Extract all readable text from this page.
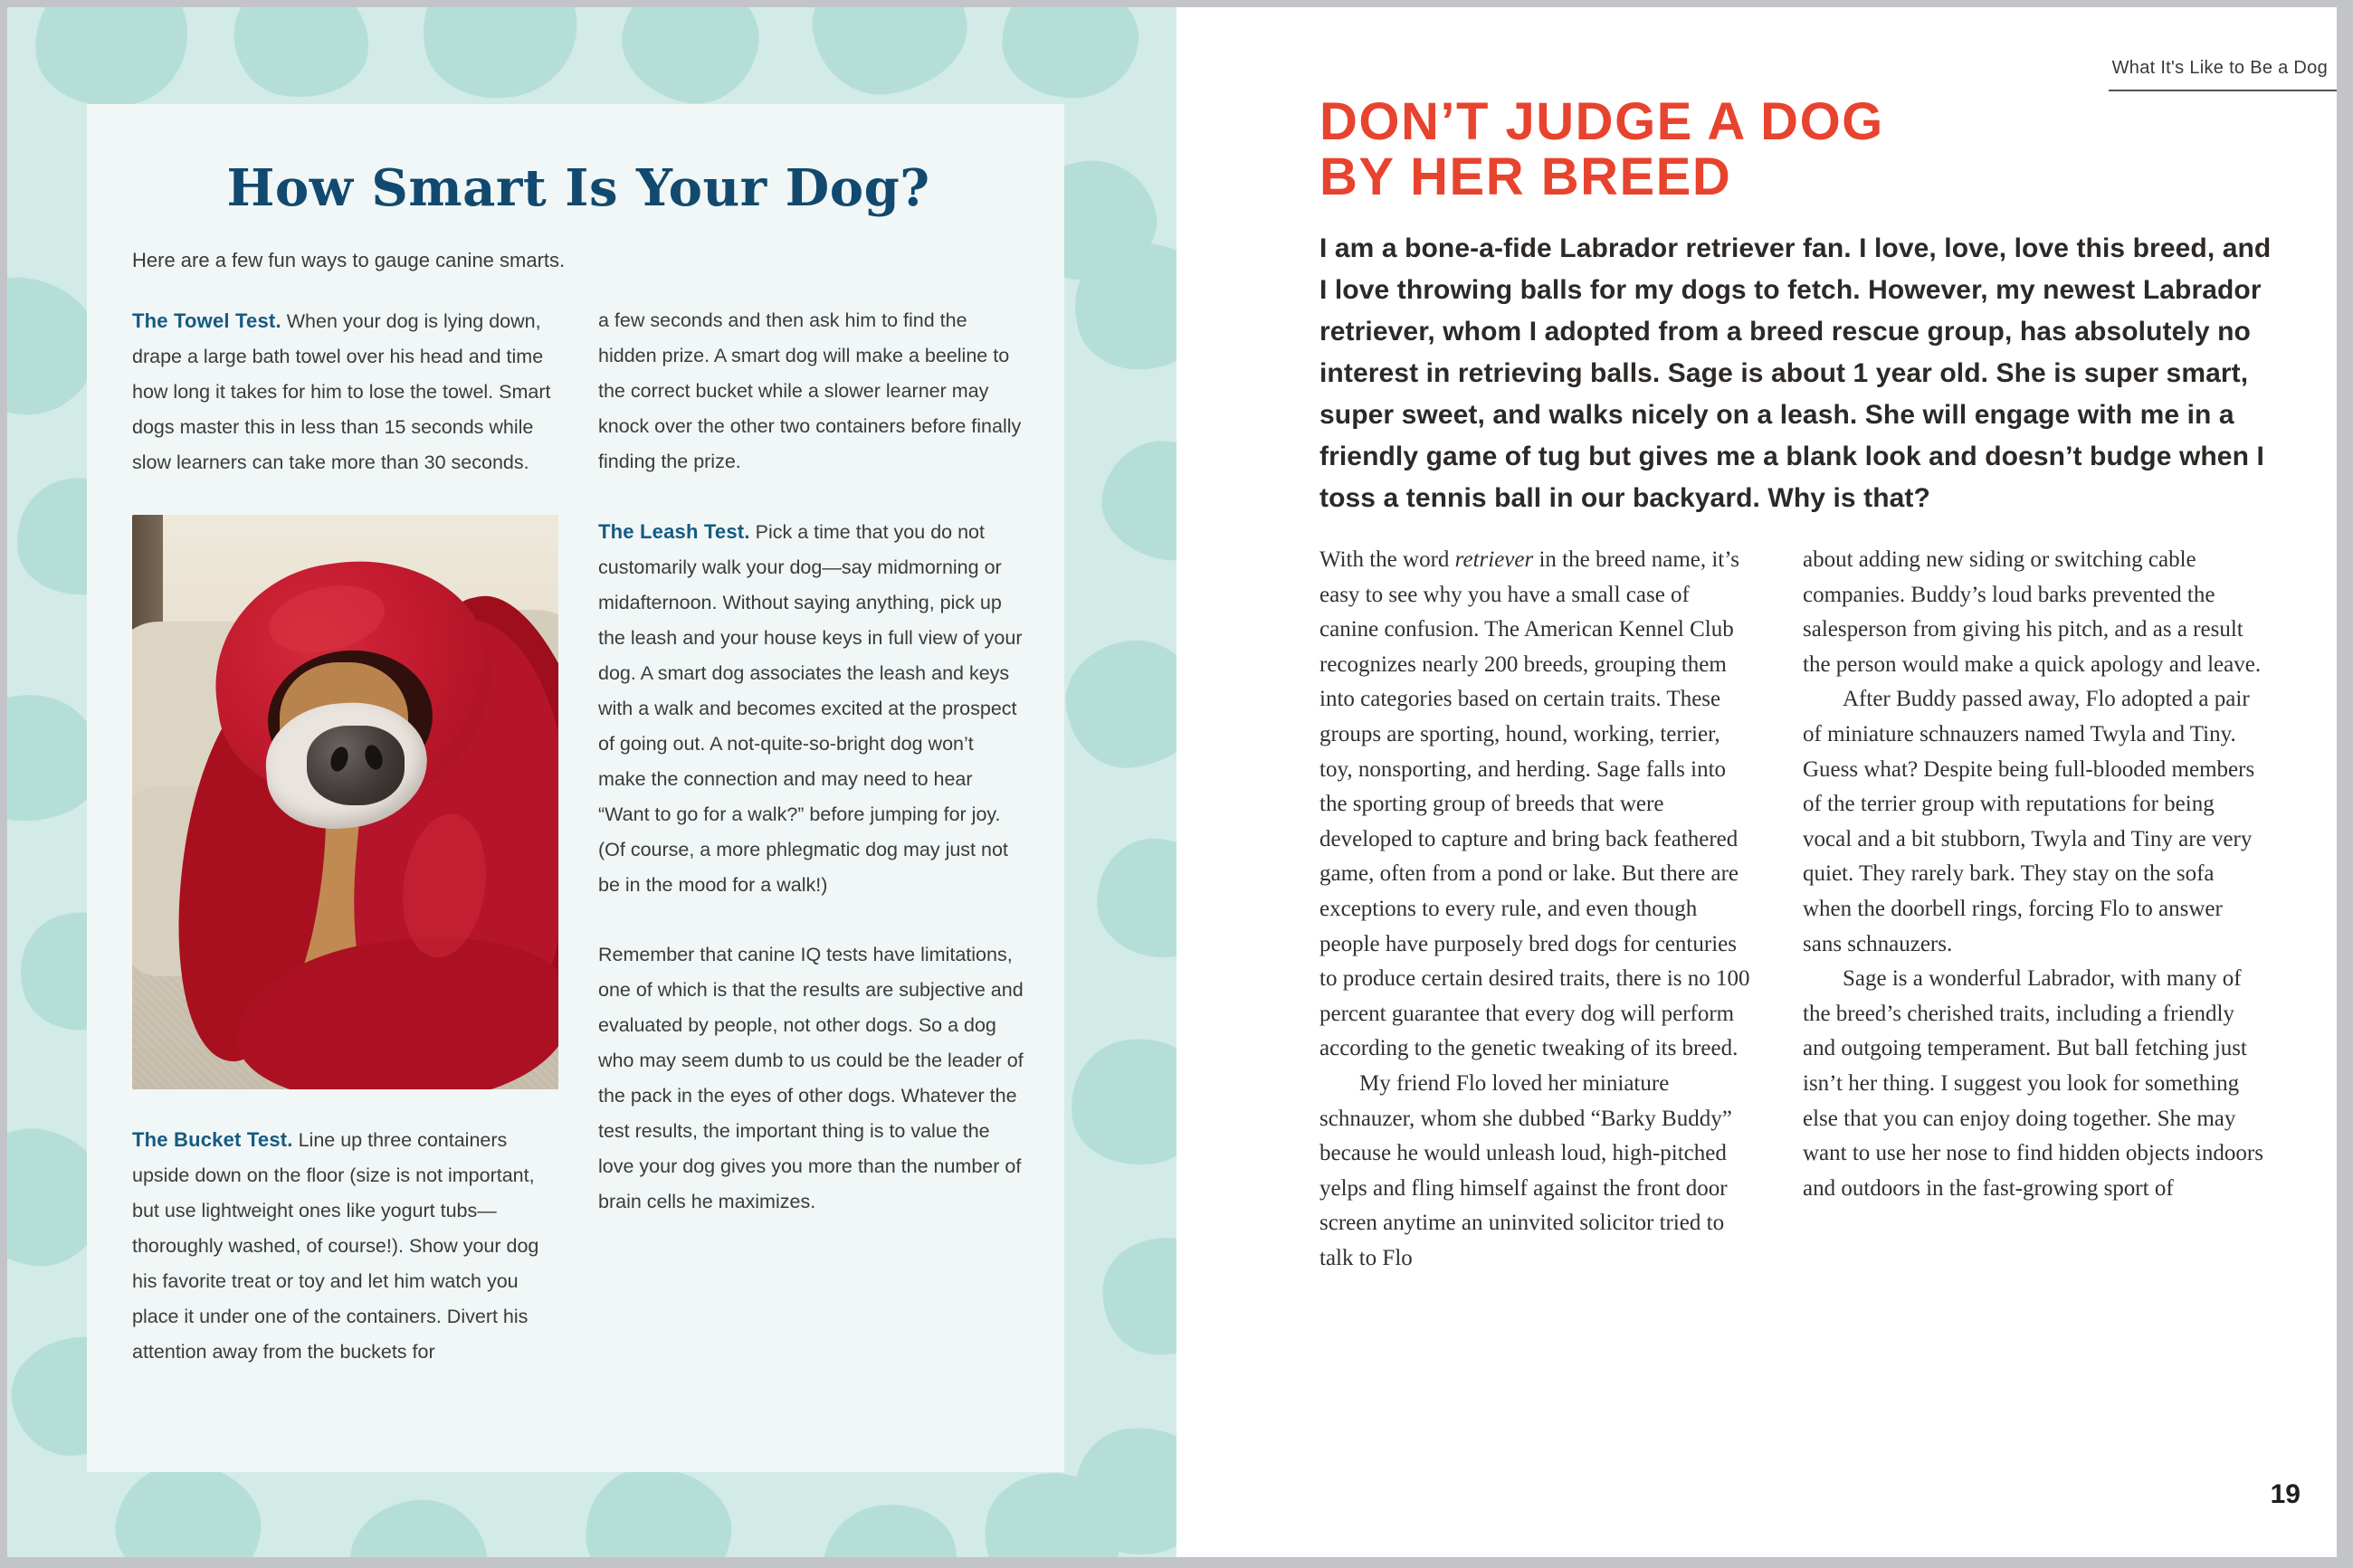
How Smart Is Your Dog?

Here are a few fun ways to gauge canine smarts.

The Towel Test. When your dog is lying down, drape a large bath towel over his head and time how long it takes for him to lose the towel. Smart dogs master this in less than 15 seconds while slow learners can take more than 30 seconds.

The Bucket Test. Line up three containers upside down on the floor (size is not important, but use lightweight ones like yogurt tubs—thoroughly washed, of course!). Show your dog his favorite treat or toy and let him watch you place it under one of the containers. Divert his attention away from the buckets for

a few seconds and then ask him to find the hidden prize. A smart dog will make a beeline to the correct bucket while a slower learner may knock over the other two containers before finally finding the prize.

The Leash Test. Pick a time that you do not customarily walk your dog—say midmorning or midafternoon. Without saying anything, pick up the leash and your house keys in full view of your dog. A smart dog associates the leash and keys with a walk and becomes excited at the prospect of going out. A not-quite-so-bright dog won’t make the connection and may need to hear “Want to go for a walk?” before jumping for joy. (Of course, a more phlegmatic dog may just not be in the mood for a walk!)

Remember that canine IQ tests have limitations, one of which is that the results are subjective and evaluated by people, not other dogs. So a dog who may seem dumb to us could be the leader of the pack in the eyes of other dogs. Whatever the test results, the important thing is to value the love your dog gives you more than the number of brain cells he maximizes.

What It's Like to Be a Dog
DON’T JUDGE A DOG
BY HER BREED

I am a bone-a-fide Labrador retriever fan. I love, love, love this breed, and I love throwing balls for my dogs to fetch. However, my newest Labrador retriever, whom I adopted from a breed rescue group, has absolutely no interest in retrieving balls. Sage is about 1 year old. She is super smart, super sweet, and walks nicely on a leash. She will engage with me in a friendly game of tug but gives me a blank look and doesn’t budge when I toss a tennis ball in our backyard. Why is that?

With the word retriever in the breed name, it’s easy to see why you have a small case of canine confusion. The American Kennel Club recognizes nearly 200 breeds, grouping them into categories based on certain traits. These groups are sporting, hound, working, terrier, toy, nonsporting, and herding. Sage falls into the sporting group of breeds that were developed to capture and bring back feathered game, often from a pond or lake. But there are exceptions to every rule, and even though people have purposely bred dogs for centuries to produce certain desired traits, there is no 100 percent guarantee that every dog will perform according to the genetic tweaking of its breed.

My friend Flo loved her miniature schnauzer, whom she dubbed “Barky Buddy” because he would unleash loud, high-pitched yelps and fling himself against the front door screen anytime an uninvited solicitor tried to talk to Flo

about adding new siding or switching cable companies. Buddy’s loud barks prevented the salesperson from giving his pitch, and as a result the person would make a quick apology and leave.

After Buddy passed away, Flo adopted a pair of miniature schnauzers named Twyla and Tiny. Guess what? Despite being full-blooded members of the terrier group with reputations for being vocal and a bit stubborn, Twyla and Tiny are very quiet. They rarely bark. They stay on the sofa when the doorbell rings, forcing Flo to answer sans schnauzers.

Sage is a wonderful Labrador, with many of the breed’s cherished traits, including a friendly and outgoing temperament. But ball fetching just isn’t her thing. I suggest you look for something else that you can enjoy doing together. She may want to use her nose to find hidden objects indoors and outdoors in the fast-growing sport of

19
